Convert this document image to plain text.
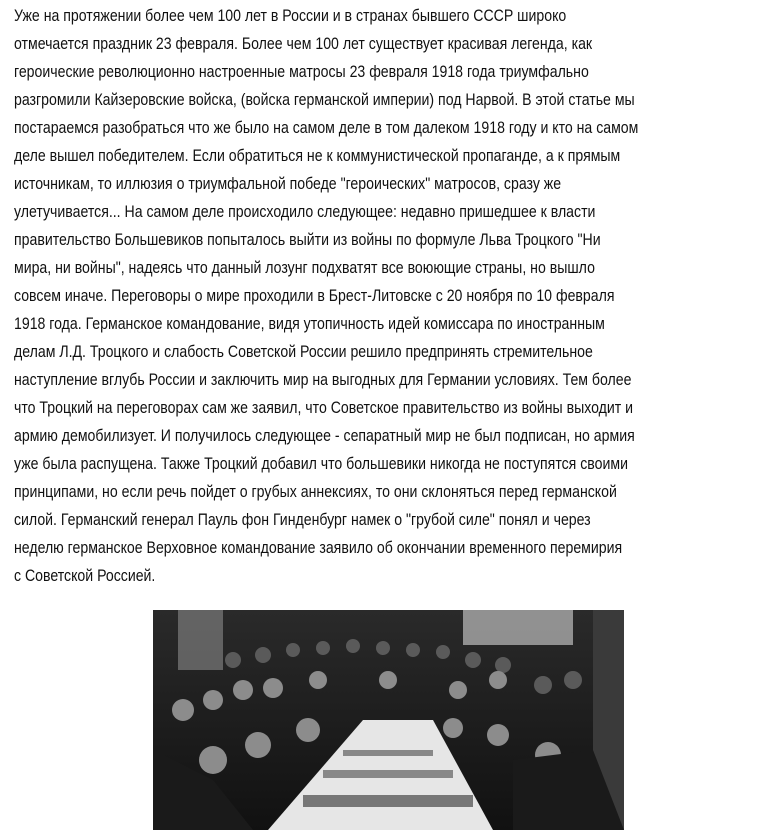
Уже на протяжении более чем 100 лет в России и в странах бывшего СССР широко
отмечается праздник 23 февраля. Более чем 100 лет существует красивая легенда, как
героические революционно настроенные матросы 23 февраля 1918 года триумфально
разгромили Кайзеровские войска, (войска германской империи) под Нарвой. В этой статье мы
постараемся разобраться что же было на самом деле в том далеком 1918 году и кто на самом
деле вышел победителем. Если обратиться не к коммунистической пропаганде, а к прямым
источникам, то иллюзия о триумфальной победе "героических" матросов, сразу же
улетучивается... На самом деле происходило следующее: недавно пришедшее к власти
правительство Большевиков попыталось выйти из войны по формуле Льва Троцкого "Ни
мира, ни войны", надеясь что данный лозунг подхватят все воюющие страны, но вышло
совсем иначе. Переговоры о мире проходили в Брест-Литовске с 20 ноября по 10 февраля
1918 года. Германское командование, видя утопичность идей комиссара по иностранным
делам Л.Д. Троцкого и слабость Советской России решило предпринять стремительное
наступление вглубь России и заключить мир на выгодных для Германии условиях. Тем более
что Троцкий на переговорах сам же заявил, что Советское правительство из войны выходит и
армию демобилизует. И получилось следующее - сепаратный мир не был подписан, но армия
уже была распущена. Также Троцкий добавил что большевики никогда не поступятся своими
принципами, но если речь пойдет о грубых аннексиях, то они склоняться перед германской
силой. Германский генерал Пауль фон Гинденбург намек о "грубой силе" понял и через
неделю германское Верховное командование заявило об окончании временного перемирия
с Советской Россией.
